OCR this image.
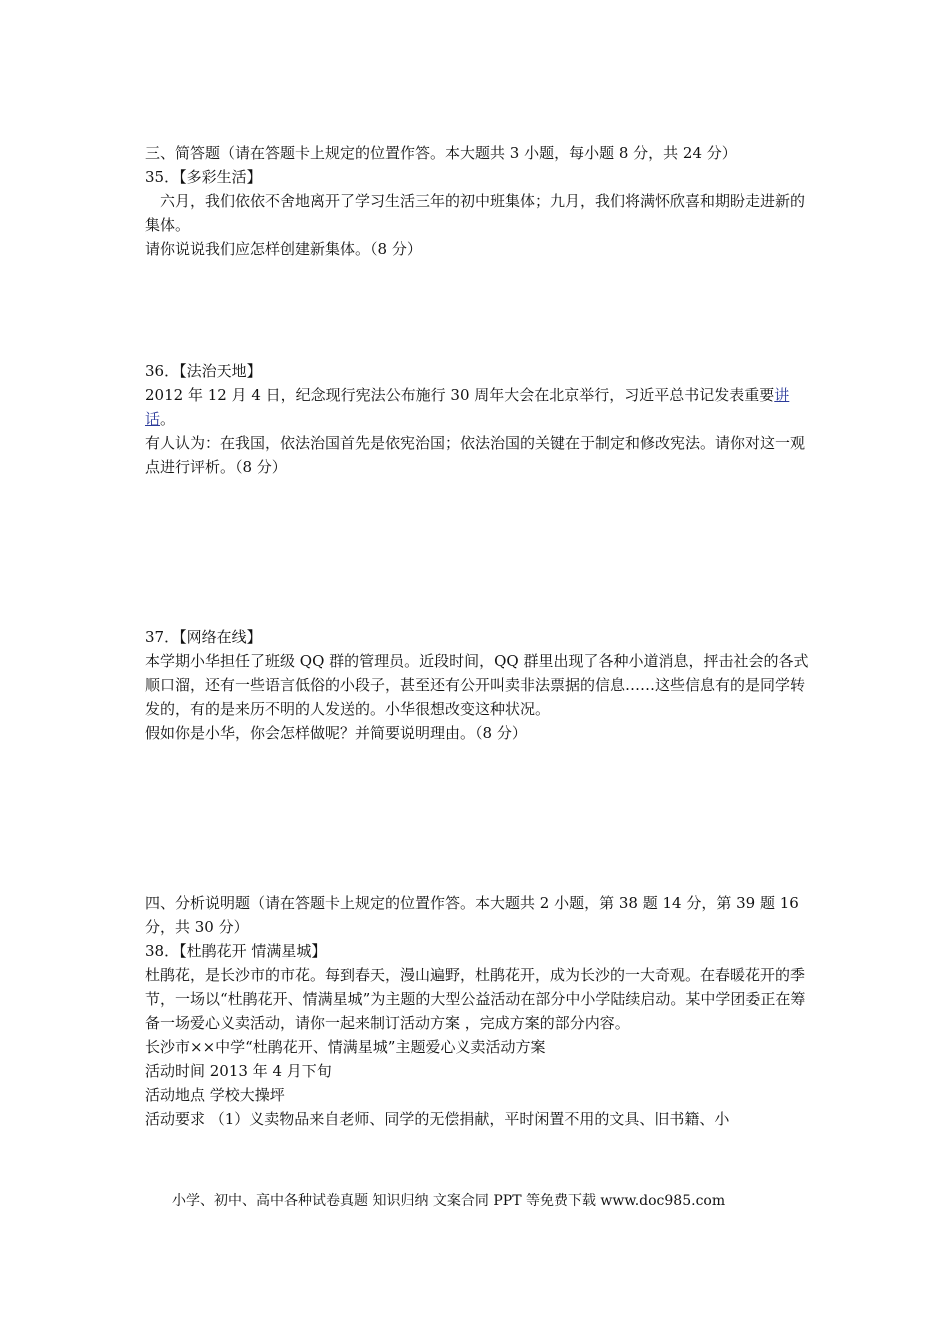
三、简答题（请在答题卡上规定的位置作答。本大题共 3 小题，每小题 8 分，共 24 分）

35．【多彩生活】

六月，我们依依不舍地离开了学习生活三年的初中班集体；九月，我们将满怀欣喜和期盼走进新的集体。

请你说说我们应怎样创建新集体。（8 分）

36．【法治天地】

2012 年 12 月 4 日，纪念现行宪法公布施行 30 周年大会在北京举行，习近平总书记发表重要讲话。

有人认为：在我国，依法治国首先是依宪治国；依法治国的关键在于制定和修改宪法。请你对这一观点进行评析。（8 分）

37．【网络在线】

本学期小华担任了班级 QQ 群的管理员。近段时间，QQ 群里出现了各种小道消息，抨击社会的各式顺口溜，还有一些语言低俗的小段子，甚至还有公开叫卖非法票据的信息……这些信息有的是同学转发的，有的是来历不明的人发送的。小华很想改变这种状况。

假如你是小华，你会怎样做呢？并简要说明理由。（8 分）

四、分析说明题（请在答题卡上规定的位置作答。本大题共 2 小题，第 38 题 14 分，第 39 题 16 分，共 30 分）

38．【杜鹃花开 情满星城】

杜鹃花，是长沙市的市花。每到春天，漫山遍野，杜鹃花开，成为长沙的一大奇观。在春暖花开的季节，一场以“杜鹃花开、情满星城”为主题的大型公益活动在部分中小学陆续启动。某中学团委正在筹备一场爱心义卖活动，请你一起来制订活动方案 ，完成方案的部分内容。

长沙市××中学“杜鹃花开、情满星城”主题爱心义卖活动方案

活动时间 2013 年 4 月下旬

活动地点 学校大操坪

活动要求 （1）义卖物品来自老师、同学的无偿捐献，平时闲置不用的文具、旧书籍、小

小学、初中、高中各种试卷真题 知识归纳 文案合同 PPT 等免费下载 www.doc985.com
